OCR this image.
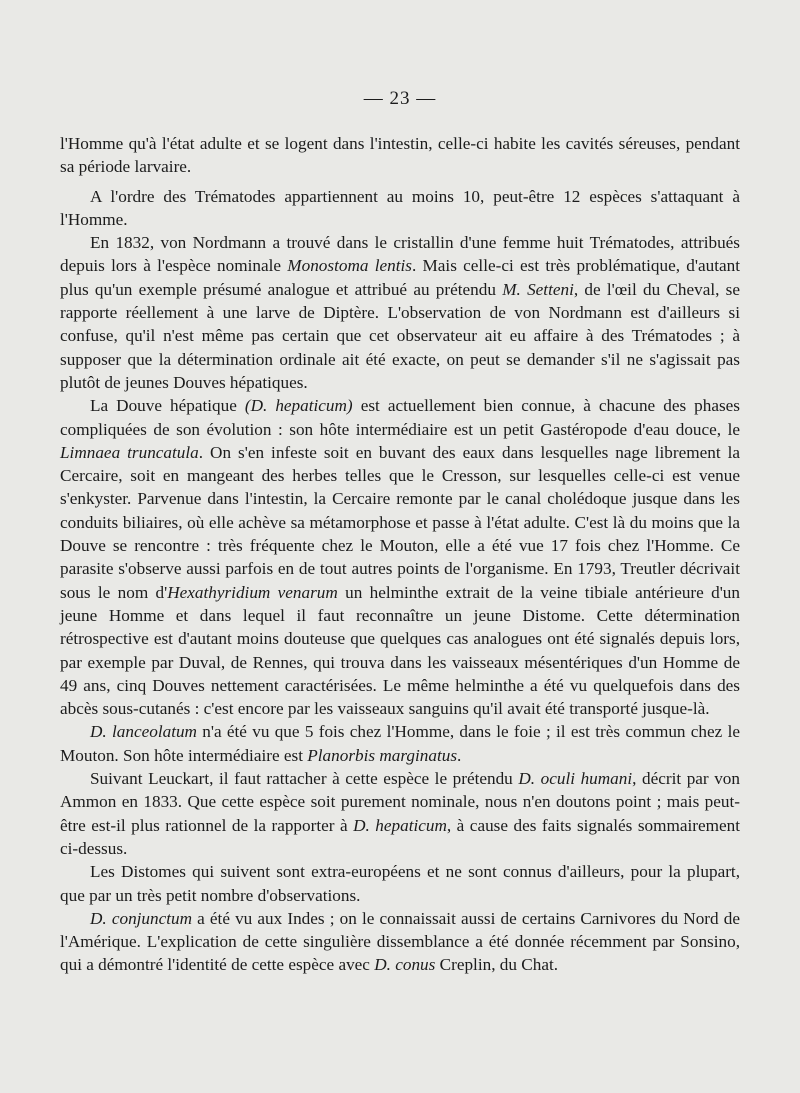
— 23 —

l'Homme qu'à l'état adulte et se logent dans l'intestin, celle-ci habite les cavités séreuses, pendant sa période larvaire.

A l'ordre des Trématodes appartiennent au moins 10, peut-être 12 espèces s'attaquant à l'Homme.

En 1832, von Nordmann a trouvé dans le cristallin d'une femme huit Trématodes, attribués depuis lors à l'espèce nominale Monostoma lentis. Mais celle-ci est très problématique, d'autant plus qu'un exemple présumé analogue et attribué au prétendu M. Setteni, de l'œil du Cheval, se rapporte réellement à une larve de Diptère. L'observation de von Nordmann est d'ailleurs si confuse, qu'il n'est même pas certain que cet observateur ait eu affaire à des Trématodes ; à supposer que la détermination ordinale ait été exacte, on peut se demander s'il ne s'agissait pas plutôt de jeunes Douves hépatiques.

La Douve hépatique (D. hepaticum) est actuellement bien connue, à chacune des phases compliquées de son évolution : son hôte intermédiaire est un petit Gastéropode d'eau douce, le Limnaea truncatula. On s'en infeste soit en buvant des eaux dans lesquelles nage librement la Cercaire, soit en mangeant des herbes telles que le Cresson, sur lesquelles celle-ci est venue s'enkyster. Parvenue dans l'intestin, la Cercaire remonte par le canal cholédoque jusque dans les conduits biliaires, où elle achève sa métamorphose et passe à l'état adulte. C'est là du moins que la Douve se rencontre : très fréquente chez le Mouton, elle a été vue 17 fois chez l'Homme. Ce parasite s'observe aussi parfois en de tout autres points de l'organisme. En 1793, Treutler décrivait sous le nom d'Hexathyridium venarum un helminthe extrait de la veine tibiale antérieure d'un jeune Homme et dans lequel il faut reconnaître un jeune Distome. Cette détermination rétrospective est d'autant moins douteuse que quelques cas analogues ont été signalés depuis lors, par exemple par Duval, de Rennes, qui trouva dans les vaisseaux mésentériques d'un Homme de 49 ans, cinq Douves nettement caractérisées. Le même helminthe a été vu quelquefois dans des abcès sous-cutanés : c'est encore par les vaisseaux sanguins qu'il avait été transporté jusque-là.

D. lanceolatum n'a été vu que 5 fois chez l'Homme, dans le foie ; il est très commun chez le Mouton. Son hôte intermédiaire est Planorbis marginatus.

Suivant Leuckart, il faut rattacher à cette espèce le prétendu D. oculi humani, décrit par von Ammon en 1833. Que cette espèce soit purement nominale, nous n'en doutons point ; mais peut-être est-il plus rationnel de la rapporter à D. hepaticum, à cause des faits signalés sommairement ci-dessus.

Les Distomes qui suivent sont extra-européens et ne sont connus d'ailleurs, pour la plupart, que par un très petit nombre d'observations.

D. conjunctum a été vu aux Indes ; on le connaissait aussi de certains Carnivores du Nord de l'Amérique. L'explication de cette singulière dissemblance a été donnée récemment par Sonsino, qui a démontré l'identité de cette espèce avec D. conus Creplin, du Chat.
